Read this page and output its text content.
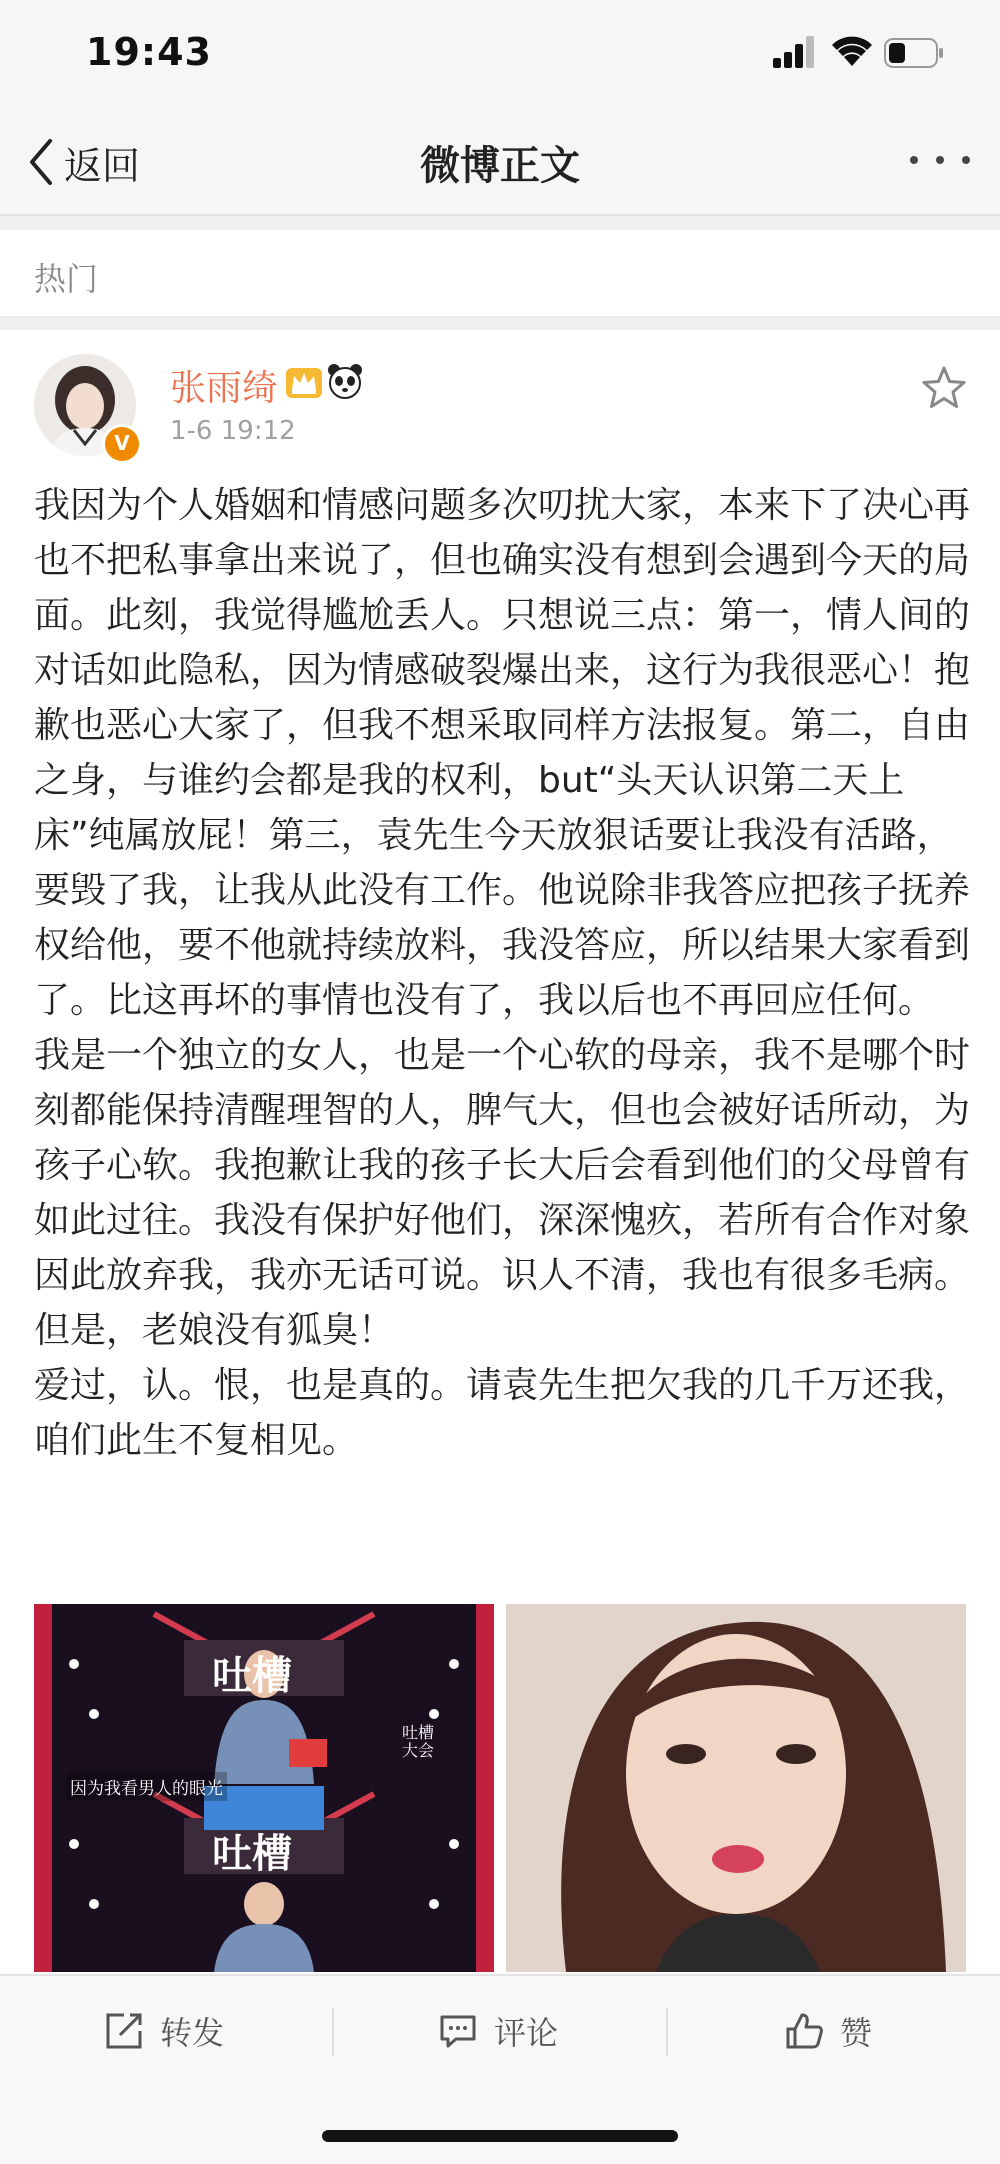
19:43
返回	微博正文
热门
V
张雨绮
1-6 19:12

我因为个人婚姻和情感问题多次叨扰大家，本来下了决心再也不把私事拿出来说了，但也确实没有想到会遇到今天的局面。此刻，我觉得尴尬丢人。只想说三点：第一，情人间的对话如此隐私，因为情感破裂爆出来，这行为我很恶心！抱歉也恶心大家了，但我不想采取同样方法报复。第二，自由之身，与谁约会都是我的权利，but“头天认识第二天上床”纯属放屁！第三，袁先生今天放狠话要让我没有活路，要毁了我，让我从此没有工作。他说除非我答应把孩子抚养权给他，要不他就持续放料，我没答应，所以结果大家看到了。比这再坏的事情也没有了，我以后也不再回应任何。

我是一个独立的女人，也是一个心软的母亲，我不是哪个时刻都能保持清醒理智的人，脾气大，但也会被好话所动，为孩子心软。我抱歉让我的孩子长大后会看到他们的父母曾有如此过往。我没有保护好他们，深深愧疚，若所有合作对象因此放弃我，我亦无话可说。识人不清，我也有很多毛病。但是，老娘没有狐臭！

爱过，认。恨，也是真的。请袁先生把欠我的几千万还我，咱们此生不复相见。

因为我看男人的眼光
吐槽
吐槽
吐槽大会
转发	评论	赞
